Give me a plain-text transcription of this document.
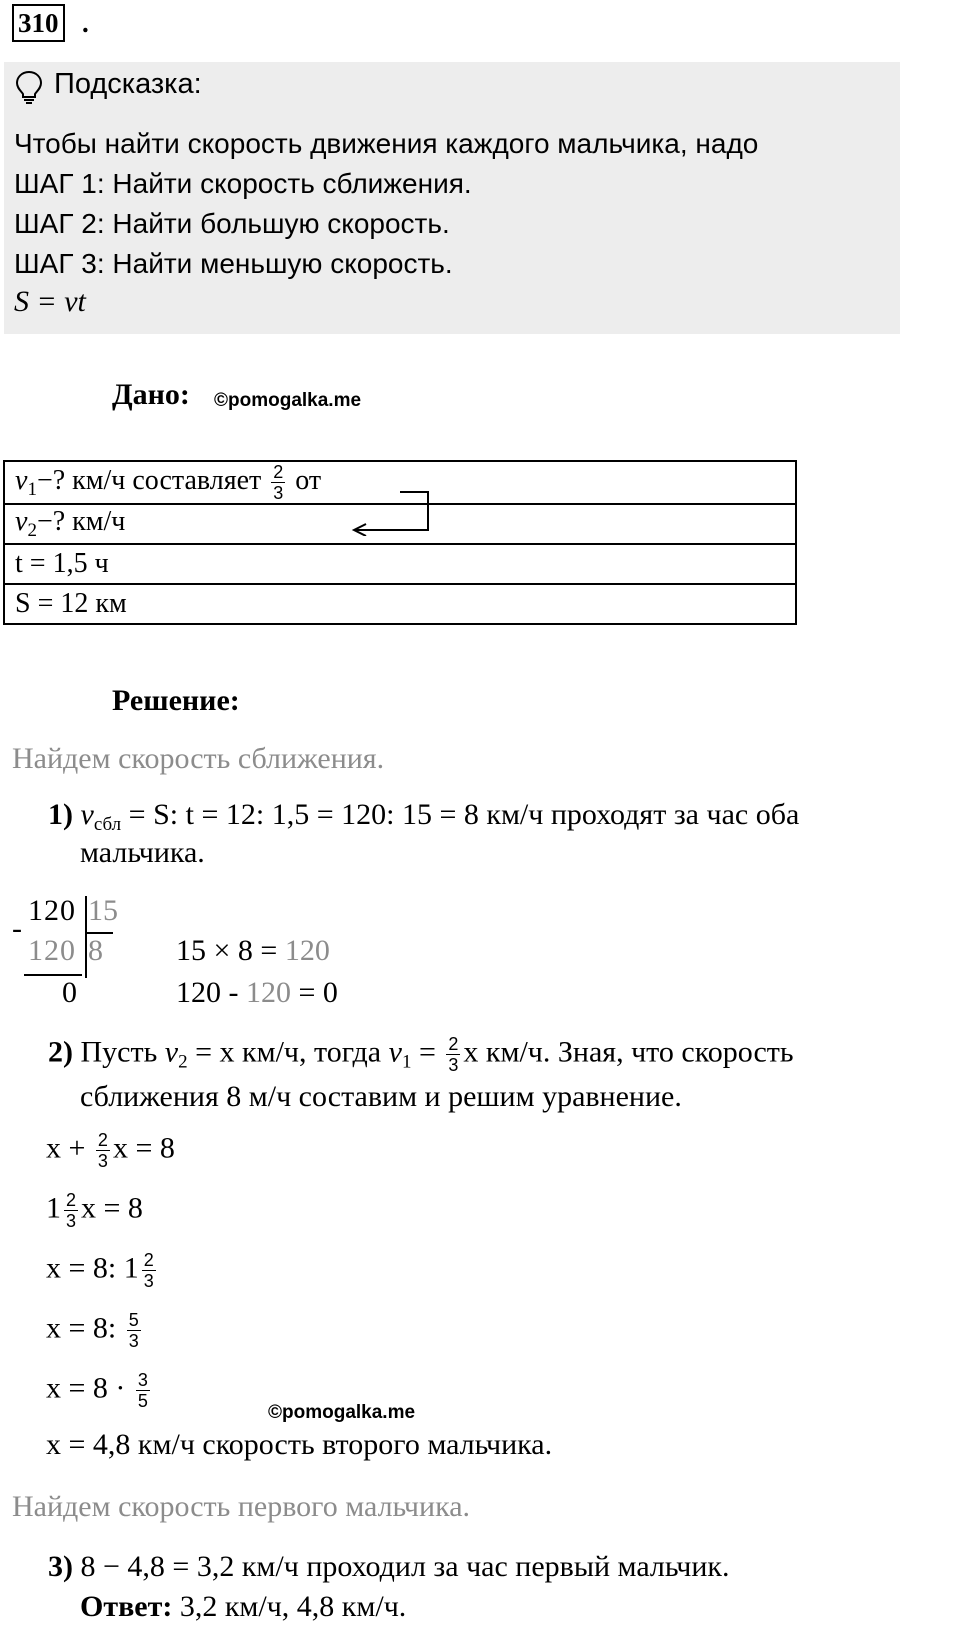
310 .
Подсказка:
Чтобы найти скорость движения каждого мальчика, надо
ШАГ 1: Найти скорость сближения.
ШАГ 2: Найти большую скорость.
ШАГ 3: Найти меньшую скорость.
S = vt
Дано: ©pomogalka.me
$v_1-$? км/ч составляет $\frac{2}{3}$ от
$v_2-$? км/ч
t = 1,5 ч
S = 12 км
Решение:
Найдем скорость сближения.
1) $v_{сбл} = S$: t = 12: 1,5 = 120: 15 = 8 км/ч проходят за час оба
мальчика.
120 15
-
120 8
0
15 × 8 = 120
120 - 120 = 0
2) Пусть $v_2 = x$ км/ч, тогда $v_1 = \frac{2}{3}$ x км/ч. Зная, что скорость
сближения 8 м/ч составим и решим уравнение.
$x + \frac{2}{3}$ x = 8
$1 \frac{2}{3}$ x = 8
x = 8: $1 \frac{2}{3}$
x = 8: $\frac{5}{3}$
$x = 8 \cdot \frac{3}{5}$
©pomogalka.me
x = 4,8 км/ч скорость второго мальчика.
Найдем скорость первого мальчика.
3) 8 − 4,8 = 3,2 км/ч проходил за час первый мальчик.
Ответ: 3,2 км/ч, 4,8 км/ч.
